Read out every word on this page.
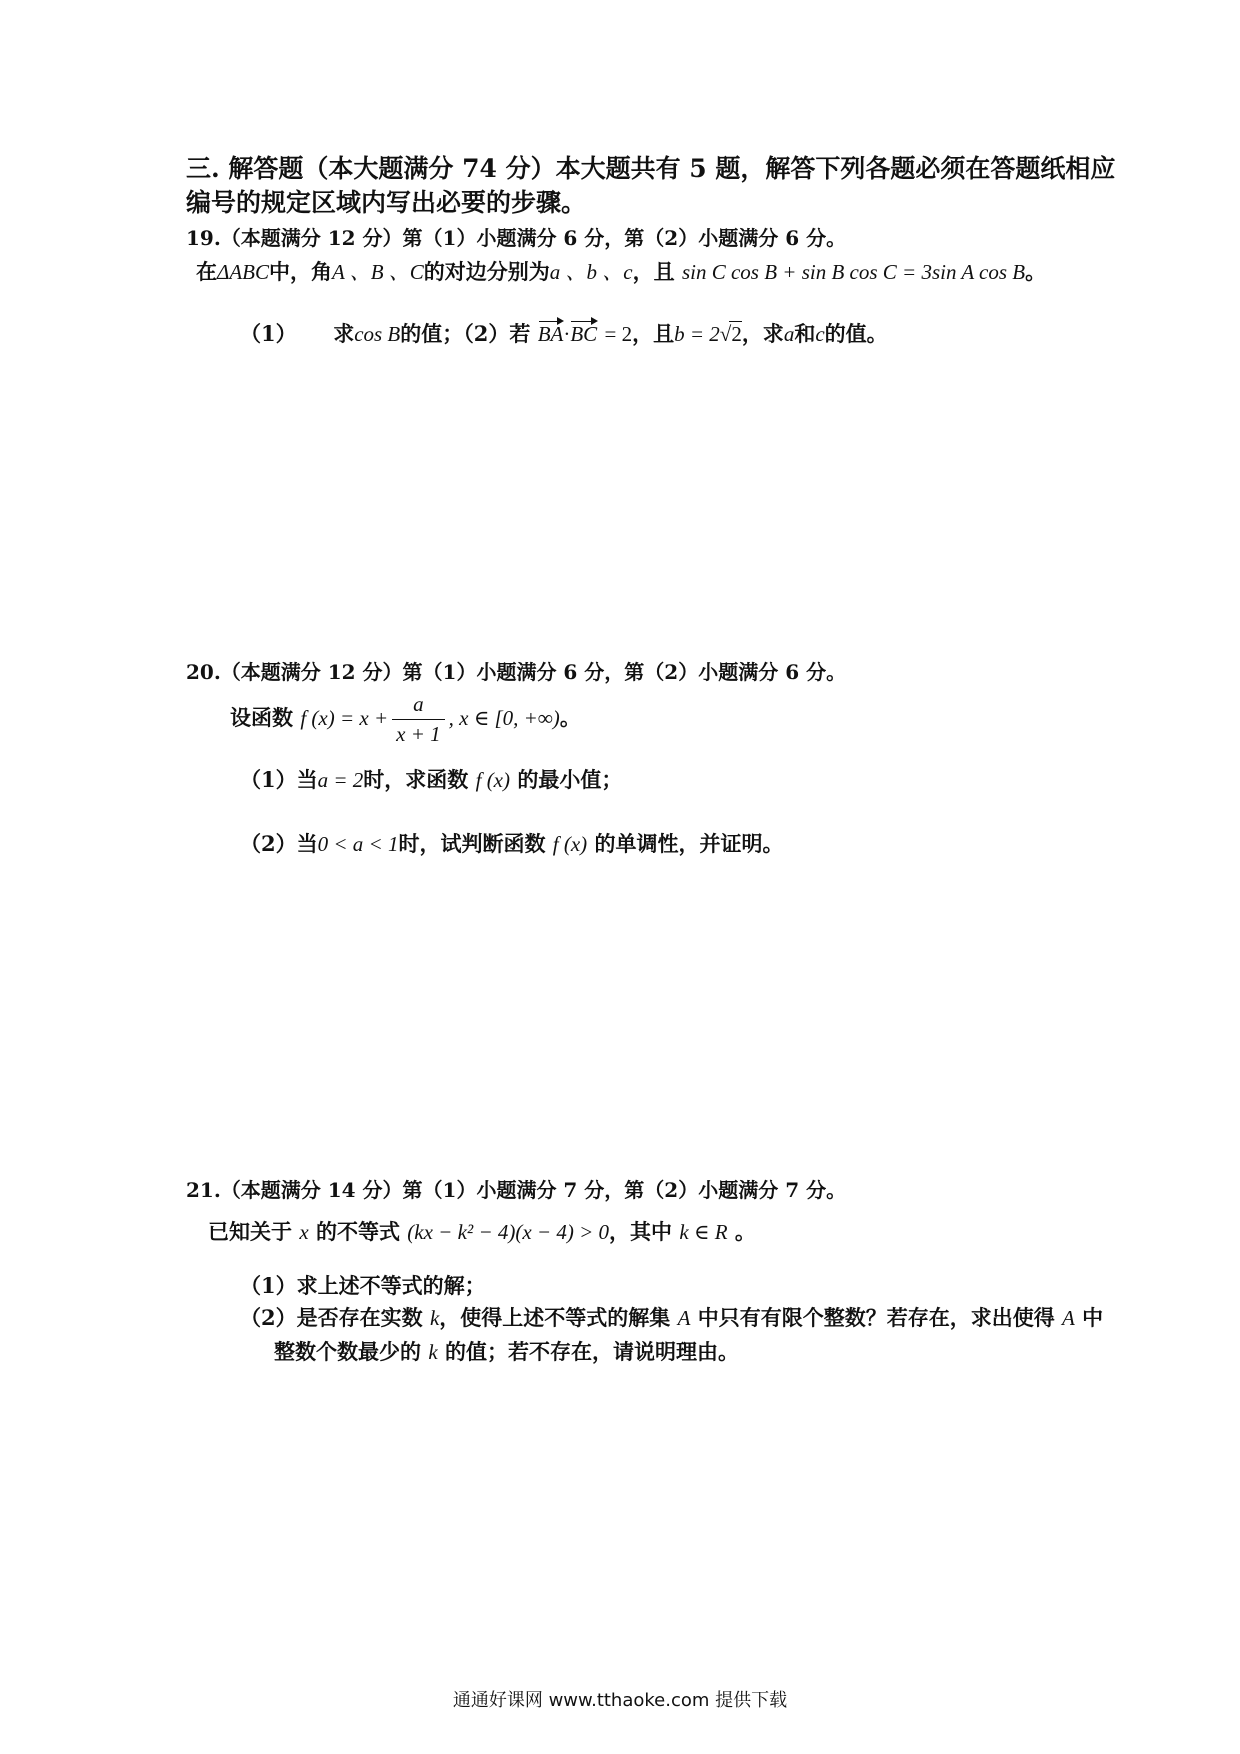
三. 解答题（本大题满分 74 分）本大题共有 5 题，解答下列各题必须在答题纸相应编号的规定区域内写出必要的步骤。
19.（本题满分 12 分）第（1）小题满分 6 分，第（2）小题满分 6 分。
在ΔABC中，角A 、B 、C的对边分别为a 、b 、c，且 sin C cos B + sin B cos C = 3sin A cos B。
（1） 求cos B的值；（2）若 BA·BC = 2，且b = 2√2，求a和c的值。
20.（本题满分 12 分）第（1）小题满分 6 分，第（2）小题满分 6 分。
设函数 f $(x) = x + \frac{a}{x + 1}$ , x ∈ [0, +∞)。
（1）当a = 2时，求函数 f (x) 的最小值；
（2）当0 < a < 1时，试判断函数 f (x) 的单调性，并证明。
21.（本题满分 14 分）第（1）小题满分 7 分，第（2）小题满分 7 分。
已知关于 x 的不等式 (kx − k² − 4)(x − 4) > 0，其中 k ∈ R 。
（1）求上述不等式的解；
（2）是否存在实数 k，使得上述不等式的解集 A 中只有有限个整数？若存在，求出使得 A 中
整数个数最少的 k 的值；若不存在，请说明理由。
通通好课网 www.tthaoke.com 提供下载
